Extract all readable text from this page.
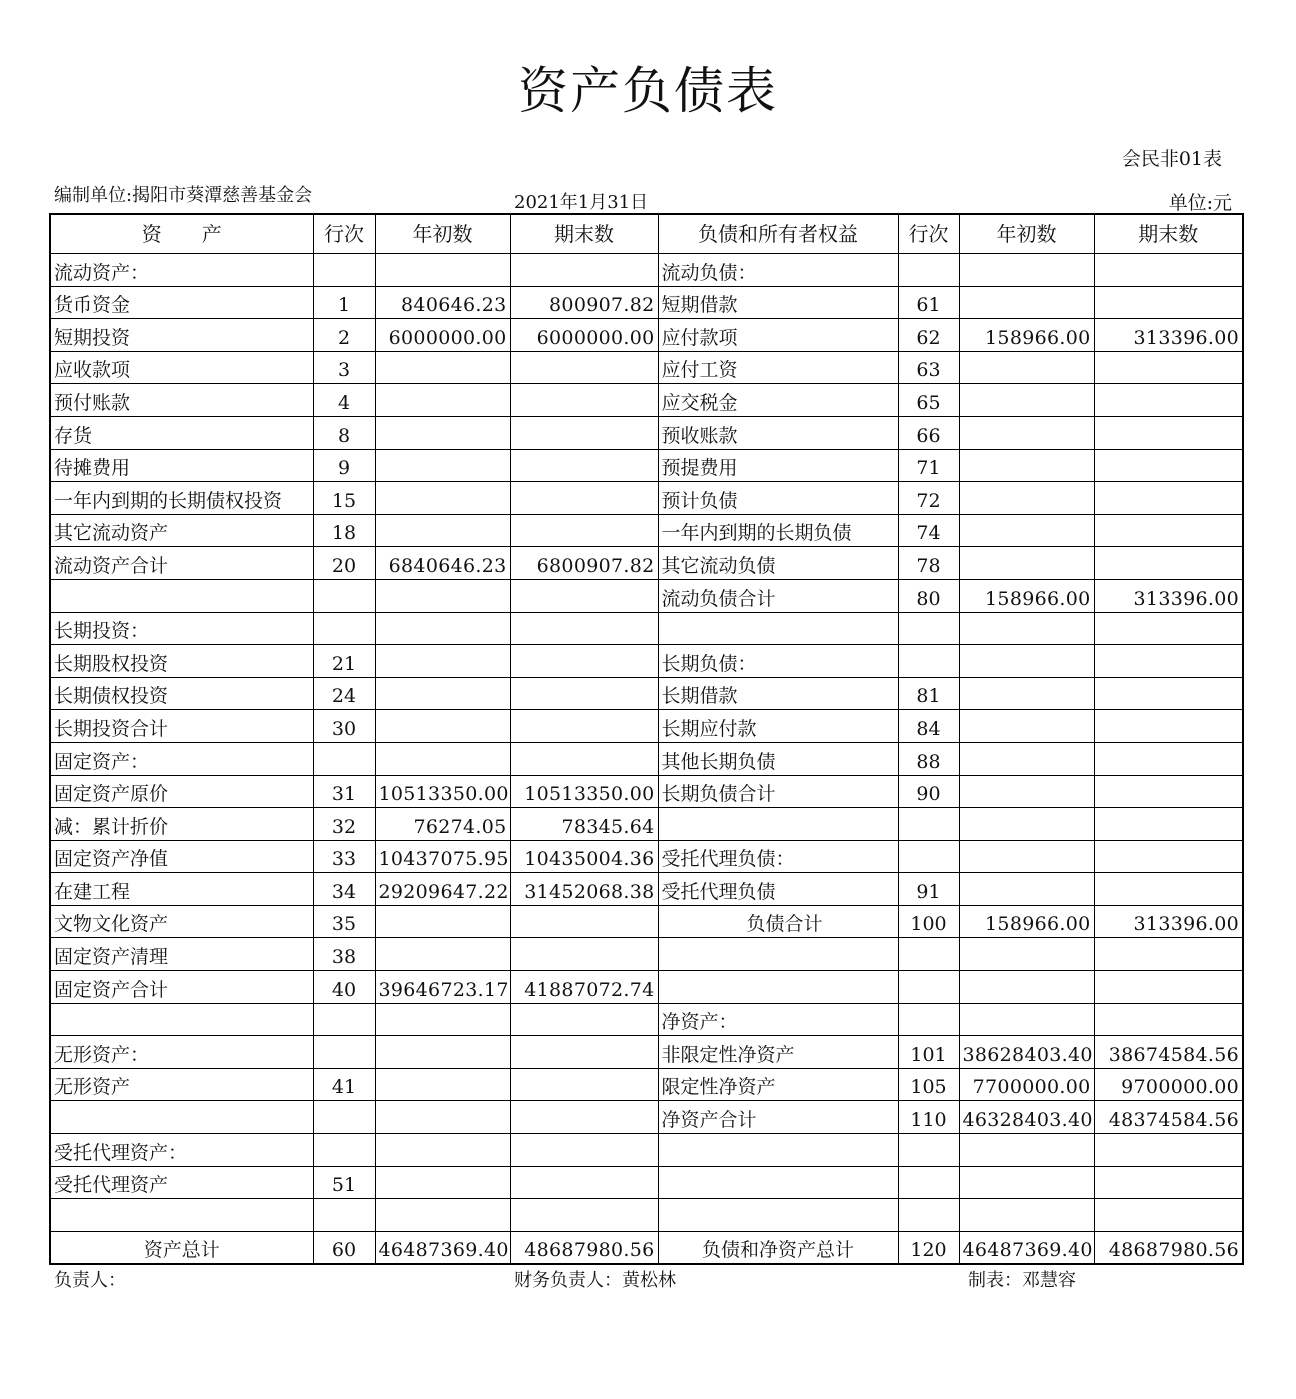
资产负债表
会民非01表
编制单位:揭阳市葵潭慈善基金会	2021年1月31日	单位:元
资　　产	行次	年初数	期末数	负债和所有者权益	行次	年初数	期末数
流动资产：				流动负债：			
货币资金	1	840646.23	800907.82	短期借款	61		
短期投资	2	6000000.00	6000000.00	应付款项	62	158966.00	313396.00
应收款项	3			应付工资	63		
预付账款	4			应交税金	65		
存货	8			预收账款	66		
待摊费用	9			预提费用	71		
一年内到期的长期债权投资	15			预计负债	72		
其它流动资产	18			一年内到期的长期负债	74		
流动资产合计	20	6840646.23	6800907.82	其它流动负债	78		
				流动负债合计	80	158966.00	313396.00
长期投资：							
长期股权投资	21			长期负债：			
长期债权投资	24			长期借款	81		
长期投资合计	30			长期应付款	84		
固定资产：				其他长期负债	88		
固定资产原价	31	10513350.00	10513350.00	长期负债合计	90		
减：累计折价	32	76274.05	78345.64				
固定资产净值	33	10437075.95	10435004.36	受托代理负债：			
在建工程	34	29209647.22	31452068.38	受托代理负债	91		
文物文化资产	35			负债合计	100	158966.00	313396.00
固定资产清理	38						
固定资产合计	40	39646723.17	41887072.74				
				净资产：			
无形资产：				非限定性净资产	101	38628403.40	38674584.56
无形资产	41			限定性净资产	105	7700000.00	9700000.00
				净资产合计	110	46328403.40	48374584.56
受托代理资产：							
受托代理资产	51						

资产总计	60	46487369.40	48687980.56	负债和净资产总计	120	46487369.40	48687980.56
负责人：	财务负责人：黄松林	制表：邓慧容
